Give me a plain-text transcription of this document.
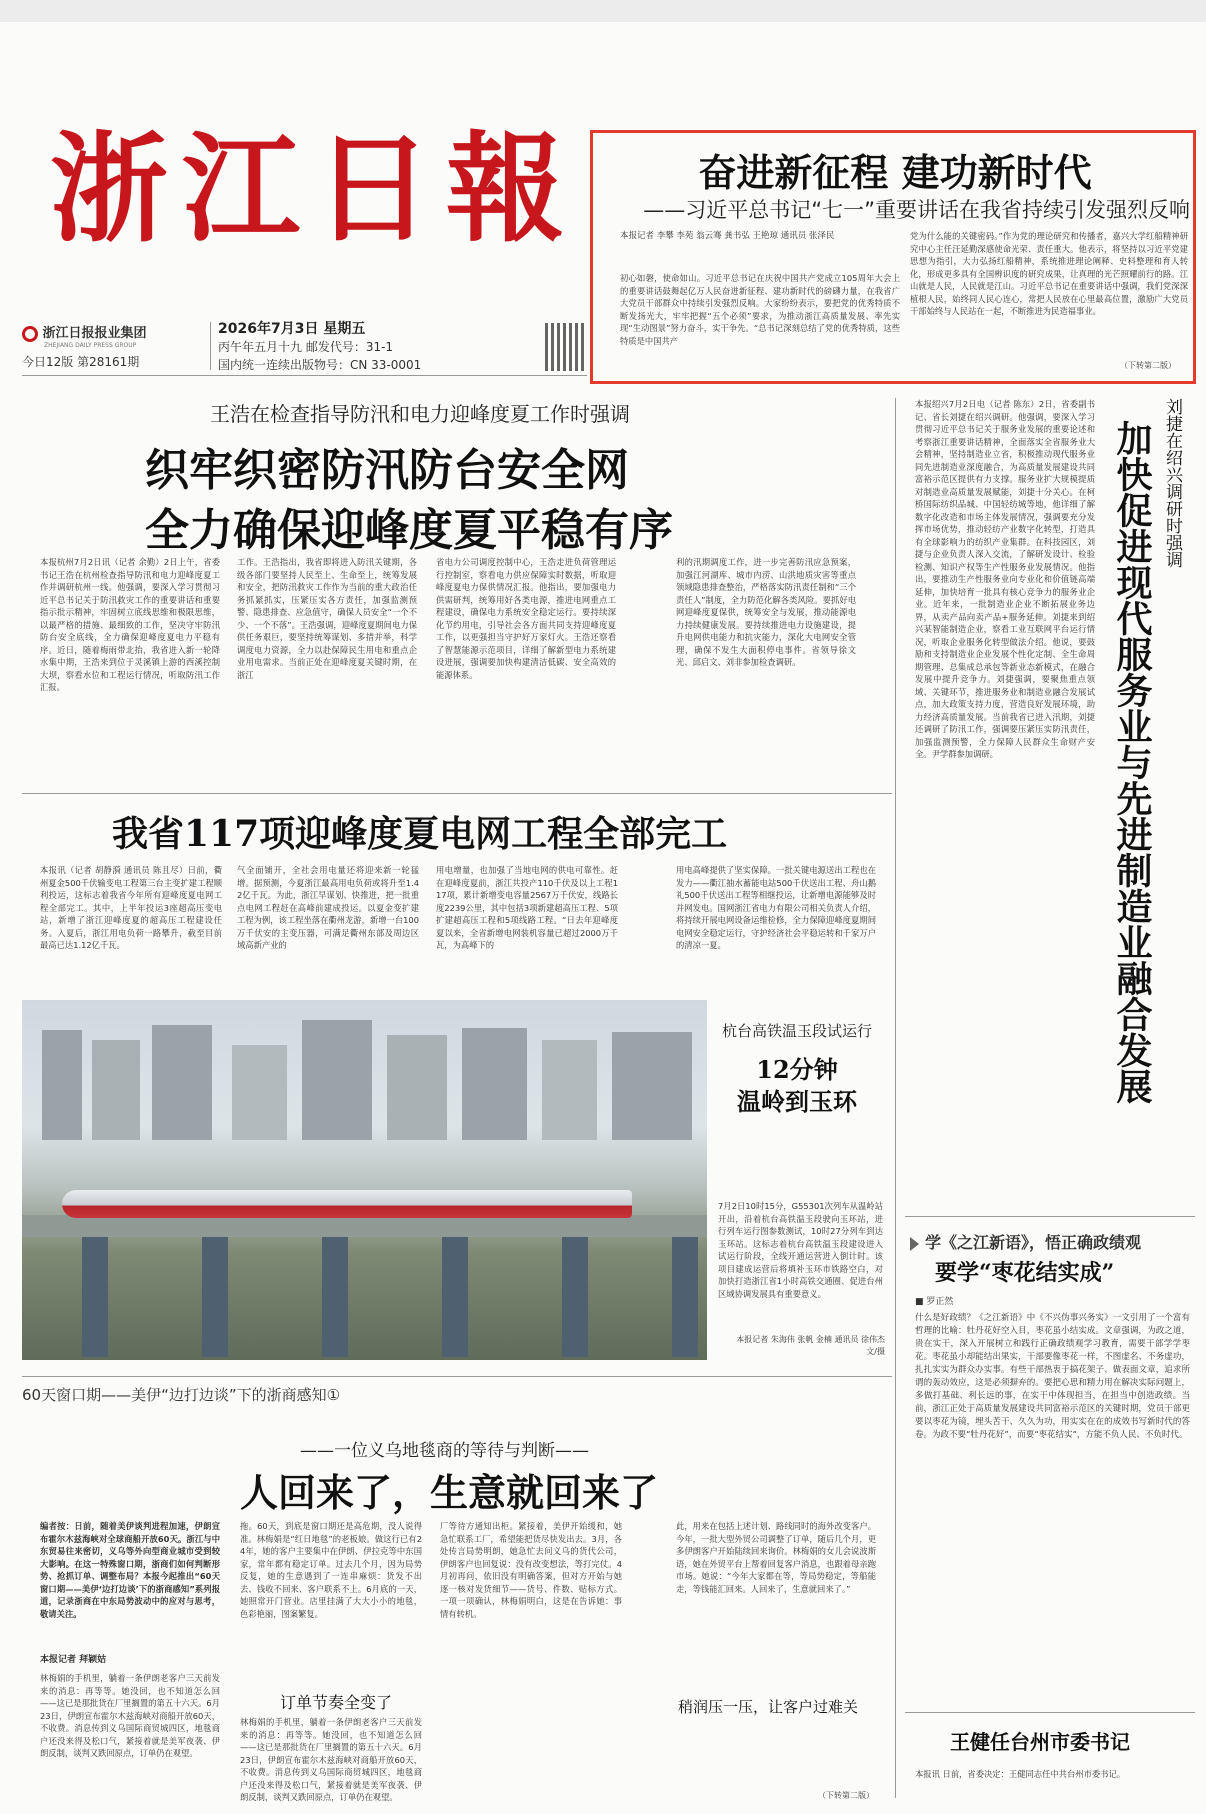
浙江日報
浙江日报报业集团
ZHEJIANG DAILY PRESS GROUP
今日12版 第28161期
2026年7月3日 星期五
丙午年五月十九 邮发代号：31-1
国内统一连续出版物号：CN 33-0001
奋进新征程 建功新时代
——习近平总书记“七一”重要讲话在我省持续引发强烈反响
本报记者 李攀 李苑 翁云骞 龚书弘 王艳琼 通讯员 张泽民
初心如磐，使命如山。习近平总书记在庆祝中国共产党成立105周年大会上的重要讲话鼓舞起亿万人民奋进新征程、建功新时代的磅礴力量，在我省广大党员干部群众中持续引发强烈反响。大家纷纷表示，要把党的优秀特质不断发扬光大，牢牢把握“五个必须”要求，为推动浙江高质量发展、率先实现“生动图景”努力奋斗，实干争先。“总书记深刻总结了党的优秀特质，这些特质是中国共产
党为什么能的关键密码。”作为党的理论研究和传播者，嘉兴大学红船精神研究中心主任汪延勤深感使命光荣、责任重大。他表示，将坚持以习近平党建思想为指引，大力弘扬红船精神，系统推进理论阐释、史料整理和育人转化，形成更多具有全国辨识度的研究成果，让真理的光芒照耀前行的路。江山就是人民，人民就是江山。习近平总书记在重要讲话中强调，我们党深深植根人民，始终同人民心连心，常把人民放在心里最高位置，激励广大党员干部始终与人民站在一起，不断推进为民造福事业。
（下转第二版）
王浩在检查指导防汛和电力迎峰度夏工作时强调
织牢织密防汛防台安全网
全力确保迎峰度夏平稳有序
本报杭州7月2日讯（记者 余勤）2日上午，省委书记王浩在杭州检查指导防汛和电力迎峰度夏工作并调研杭州一线。他强调，要深入学习贯彻习近平总书记关于防汛救灾工作的重要讲话和重要指示批示精神，牢固树立底线思维和极限思维，以最严格的措施、最细致的工作，坚决守牢防汛防台安全底线，全力确保迎峰度夏电力平稳有序。近日，随着梅雨带北抬，我省进入新一轮降水集中期，王浩来到位于灵溪镇上游的西溪控制大坝，察看水位和工程运行情况，听取防汛工作汇报。
工作。王浩指出，我省即将进入防汛关键期，各级各部门要坚持人民至上、生命至上，统筹发展和安全，把防汛救灾工作作为当前的重大政治任务抓紧抓实，压紧压实各方责任，加强监测预警、隐患排查、应急值守，确保人员安全“一个不少、一个不落”。王浩强调，迎峰度夏期间电力保供任务艰巨，要坚持统筹谋划、多措并举，科学调度电力资源，全力以赴保障民生用电和重点企业用电需求。当前正处在迎峰度夏关键时期，在浙江
省电力公司调度控制中心，王浩走进负荷管理运行控制室，察看电力供应保障实时数据，听取迎峰度夏电力保供情况汇报。他指出，要加强电力供需研判，统筹用好各类电源，推进电网重点工程建设，确保电力系统安全稳定运行。要持续深化节约用电，引导社会各方面共同支持迎峰度夏工作，以更强担当守护好万家灯火。王浩还察看了智慧能源示范项目，详细了解新型电力系统建设进展，强调要加快构建清洁低碳、安全高效的能源体系。
利的汛期调度工作，进一步完善防汛应急预案，加强江河湖库、城市内涝、山洪地质灾害等重点领域隐患排查整治，严格落实防汛责任制和“三个责任人”制度，全力防范化解各类风险。要抓好电网迎峰度夏保供，统筹安全与发展，推动能源电力持续健康发展。要持续推进电力设施建设，提升电网供电能力和抗灾能力，深化大电网安全管理，确保不发生大面积停电事件。省领导徐文光、邱启文、刘非参加检查调研。
我省117项迎峰度夏电网工程全部完工
本报讯（记者 胡静漪 通讯员 陈且尽）日前，衢州夏金500千伏输变电工程第三台主变扩建工程顺利投运，这标志着我省今年所有迎峰度夏电网工程全部完工。其中，上半年投运3座超高压变电站，新增了浙江迎峰度夏的超高压工程建设任务。入夏后，浙江用电负荷一路攀升，截至目前最高已达1.12亿千瓦。
气全面铺开，全社会用电量还将迎来新一轮猛增。据预测，今夏浙江最高用电负荷或将升至1.42亿千瓦。为此，浙江早谋划、快推进，把一批重点电网工程赶在高峰前建成投运。以夏金变扩建工程为例，该工程坐落在衢州龙游，新增一台100万千伏安的主变压器，可满足衢州东部及周边区域高新产业的
用电增量，也加强了当地电网的供电可靠性。赶在迎峰度夏前，浙江共投产110千伏及以上工程117项，累计新增变电容量2567万千伏安，线路长度2239公里，其中包括3项新建超高压工程、5项扩建超高压工程和5项线路工程。“日去年迎峰度夏以来，全省新增电网装机容量已超过2000万千瓦，为高峰下的
用电高峰提供了坚实保障。一批关键电源送出工程也在发力——衢江抽水蓄能电站500千伏送出工程、舟山鹅礼500千伏送出工程等相继投运，让新增电源能够及时并网发电。国网浙江省电力有限公司相关负责人介绍，将持续开展电网设备运维检修，全力保障迎峰度夏期间电网安全稳定运行，守护经济社会平稳运转和千家万户的清凉一夏。
杭台高铁温玉段试运行
12分钟
温岭到玉环
7月2日10时15分，G55301次列车从温岭站开出，沿着杭台高铁温玉段驶向玉环站，进行列车运行图参数测试，10时27分列车到达玉环站。这标志着杭台高铁温玉段建设进入试运行阶段，全线开通运营进入倒计时。该项目建成运营后将填补玉环市铁路空白，对加快打造浙江省1小时高铁交通圈、促进台州区域协调发展具有重要意义。
本报记者 朱海伟 张帆 金楠 通讯员 徐伟杰 文/摄
60天窗口期——美伊“边打边谈”下的浙商感知①
——一位义乌地毯商的等待与判断——
人回来了，生意就回来了
编者按：日前，随着美伊谈判进程加速，伊朗宣布霍尔木兹海峡对全球商船开放60天。浙江与中东贸易往来密切，义乌等外向型商业城市受到较大影响。在这一特殊窗口期，浙商们如何判断形势、抢抓订单、调整布局？本报今起推出“60天窗口期——美伊‘边打边谈’下的浙商感知”系列报道，记录浙商在中东局势波动中的应对与思考，敬请关注。
本报记者 拜颖姑
林梅娟的手机里，躺着一条伊朗老客户三天前发来的消息：再等等。她没回，也不知道怎么回——这已是那批货在厂里搁置的第五十六天。6月23日，伊朗宣布霍尔木兹海峡对商船开放60天，不收费。消息传到义乌国际商贸城四区，地毯商户还没来得及松口气，紧接着就是美军夜袭、伊朗反制，谈判又跌回原点，订单仍在观望。
拖。60天，到底是窗口期还是高危期，没人说得准。林梅娟是“红日地毯”的老板娘。做这行已有24年，她的客户主要集中在伊朗、伊拉克等中东国家，常年都有稳定订单。过去几个月，因为局势反复，她的生意遇到了一连串麻烦：货发不出去、钱收不回来、客户联系不上。6月底的一天，她照常开门营业。店里挂满了大大小小的地毯，色彩艳丽，图案繁复。
订单节奏全变了
林梅娟的手机里，躺着一条伊朗老客户三天前发来的消息：再等等。她没回，也不知道怎么回——这已是那批货在厂里搁置的第五十六天。6月23日，伊朗宣布霍尔木兹海峡对商船开放60天，不收费。消息传到义乌国际商贸城四区，地毯商户还没来得及松口气，紧接着就是美军夜袭、伊朗反制，谈判又跌回原点，订单仍在观望。
厂等待方通知出柜。紧接着，美伊开始缓和，她急忙联系工厂，希望能把货尽快发出去。3月，各处传言局势明朗，她急忙去问义乌的货代公司，伊朗客户也回复说：没有改变想法，等打完仗。4月初再问，依旧没有明确答案，但对方开始与她逐一核对发货细节——货号、件数、贴标方式。一项一项确认，林梅娟明白，这是在告诉她：事情有转机。
此，用来在包括上述计划、路线同时的海外改变客户。今年，一批大型外贸公司调整了订单，随后几个月，更多伊朗客户开始陆续回来询价。林梅娟的女儿会说波斯语，她在外贸平台上帮着回复客户消息，也跟着母亲跑市场。她说：“今年大家都在等，等局势稳定，等船能走，等钱能汇回来。人回来了，生意就回来了。”
稍润压一压，让客户过难关
（下转第二版）
刘捷在绍兴调研时强调
加快促进现代服务业与先进制造业融合发展
本报绍兴7月2日电（记者 陈东）2日，省委副书记、省长刘捷在绍兴调研。他强调，要深入学习贯彻习近平总书记关于服务业发展的重要论述和考察浙江重要讲话精神，全面落实全省服务业大会精神，坚持制造业立省，积极推动现代服务业同先进制造业深度融合，为高质量发展建设共同富裕示范区提供有力支撑。服务业扩大规模提质对制造业高质量发展赋能，刘捷十分关心。在柯桥国际纺织品城、中国轻纺城等地，他详细了解数字化改造和市场主体发展情况，强调要充分发挥市场优势，推动轻纺产业数字化转型，打造具有全球影响力的纺织产业集群。在科技园区，刘捷与企业负责人深入交流，了解研发设计、检验检测、知识产权等生产性服务业发展情况。他指出，要推动生产性服务业向专业化和价值链高端延伸，加快培育一批具有核心竞争力的服务业企业。近年来，一批制造业企业不断拓展业务边界，从卖产品向卖产品+服务延伸。刘捷来到绍兴某智能制造企业，察看工业互联网平台运行情况，听取企业服务化转型做法介绍。他说，要鼓励和支持制造业企业发展个性化定制、全生命周期管理、总集成总承包等新业态新模式，在融合发展中提升竞争力。刘捷强调，要聚焦重点领域、关键环节，推进服务业和制造业融合发展试点，加大政策支持力度，营造良好发展环境，助力经济高质量发展。当前我省已进入汛期，刘捷还调研了防汛工作，强调要压紧压实防汛责任，加强监测预警，全力保障人民群众生命财产安全。尹学群参加调研。
学《之江新语》，悟正确政绩观
要学“枣花结实成”
■ 罗正然
什么是好政绩？《之江新语》中《不兴伪事兴务实》一文引用了一个富有哲理的比喻：牡丹花好空入目，枣花虽小结实成。文章强调，为政之道，贵在实干，深入开展树立和践行正确政绩观学习教育，需要干部学学枣花。枣花虽小却能结出果实，干部要像枣花一样，不图虚名、不务虚功，扎扎实实为群众办实事。有些干部热衷于搞花架子、做表面文章，追求所谓的轰动效应，这是必须摒弃的。要把心思和精力用在解决实际问题上，多做打基础、利长远的事，在实干中体现担当，在担当中创造政绩。当前，浙江正处于高质量发展建设共同富裕示范区的关键时期，党员干部更要以枣花为镜，埋头苦干、久久为功，用实实在在的成效书写新时代的答卷。为政不要“牡丹花好”，而要“枣花结实”，方能不负人民、不负时代。
王健任台州市委书记
本报讯 日前，省委决定：王健同志任中共台州市委书记。
